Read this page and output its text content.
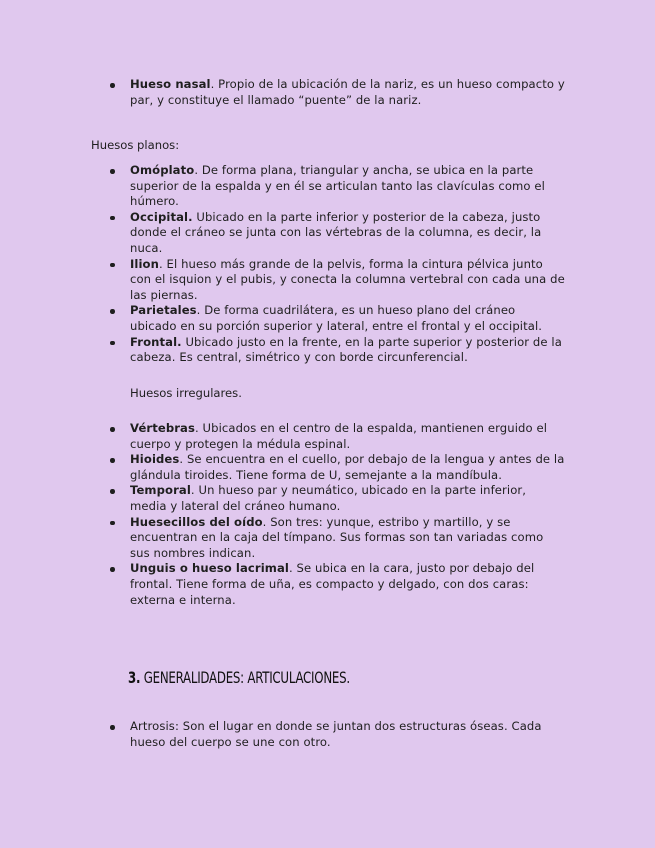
Hueso nasal. Propio de la ubicación de la nariz, es un hueso compacto y par, y constituye el llamado “puente” de la nariz.
Huesos planos:
Omóplato. De forma plana, triangular y ancha, se ubica en la parte superior de la espalda y en él se articulan tanto las clavículas como el húmero.
Occipital. Ubicado en la parte inferior y posterior de la cabeza, justo donde el cráneo se junta con las vértebras de la columna, es decir, la nuca.
Ilion. El hueso más grande de la pelvis, forma la cintura pélvica junto con el isquion y el pubis, y conecta la columna vertebral con cada una de las piernas.
Parietales. De forma cuadrilátera, es un hueso plano del cráneo ubicado en su porción superior y lateral, entre el frontal y el occipital.
Frontal. Ubicado justo en la frente, en la parte superior y posterior de la cabeza. Es central, simétrico y con borde circunferencial.
Huesos irregulares.
Vértebras. Ubicados en el centro de la espalda, mantienen erguido el cuerpo y protegen la médula espinal.
Hioides. Se encuentra en el cuello, por debajo de la lengua y antes de la glándula tiroides. Tiene forma de U, semejante a la mandíbula.
Temporal. Un hueso par y neumático, ubicado en la parte inferior, media y lateral del cráneo humano.
Huesecillos del oído. Son tres: yunque, estribo y martillo, y se encuentran en la caja del tímpano. Sus formas son tan variadas como sus nombres indican.
Unguis o hueso lacrimal. Se ubica en la cara, justo por debajo del frontal. Tiene forma de uña, es compacto y delgado, con dos caras: externa e interna.
3. GENERALIDADES: ARTICULACIONES.
Artrosis: Son el lugar en donde se juntan dos estructuras óseas. Cada hueso del cuerpo se une con otro.
